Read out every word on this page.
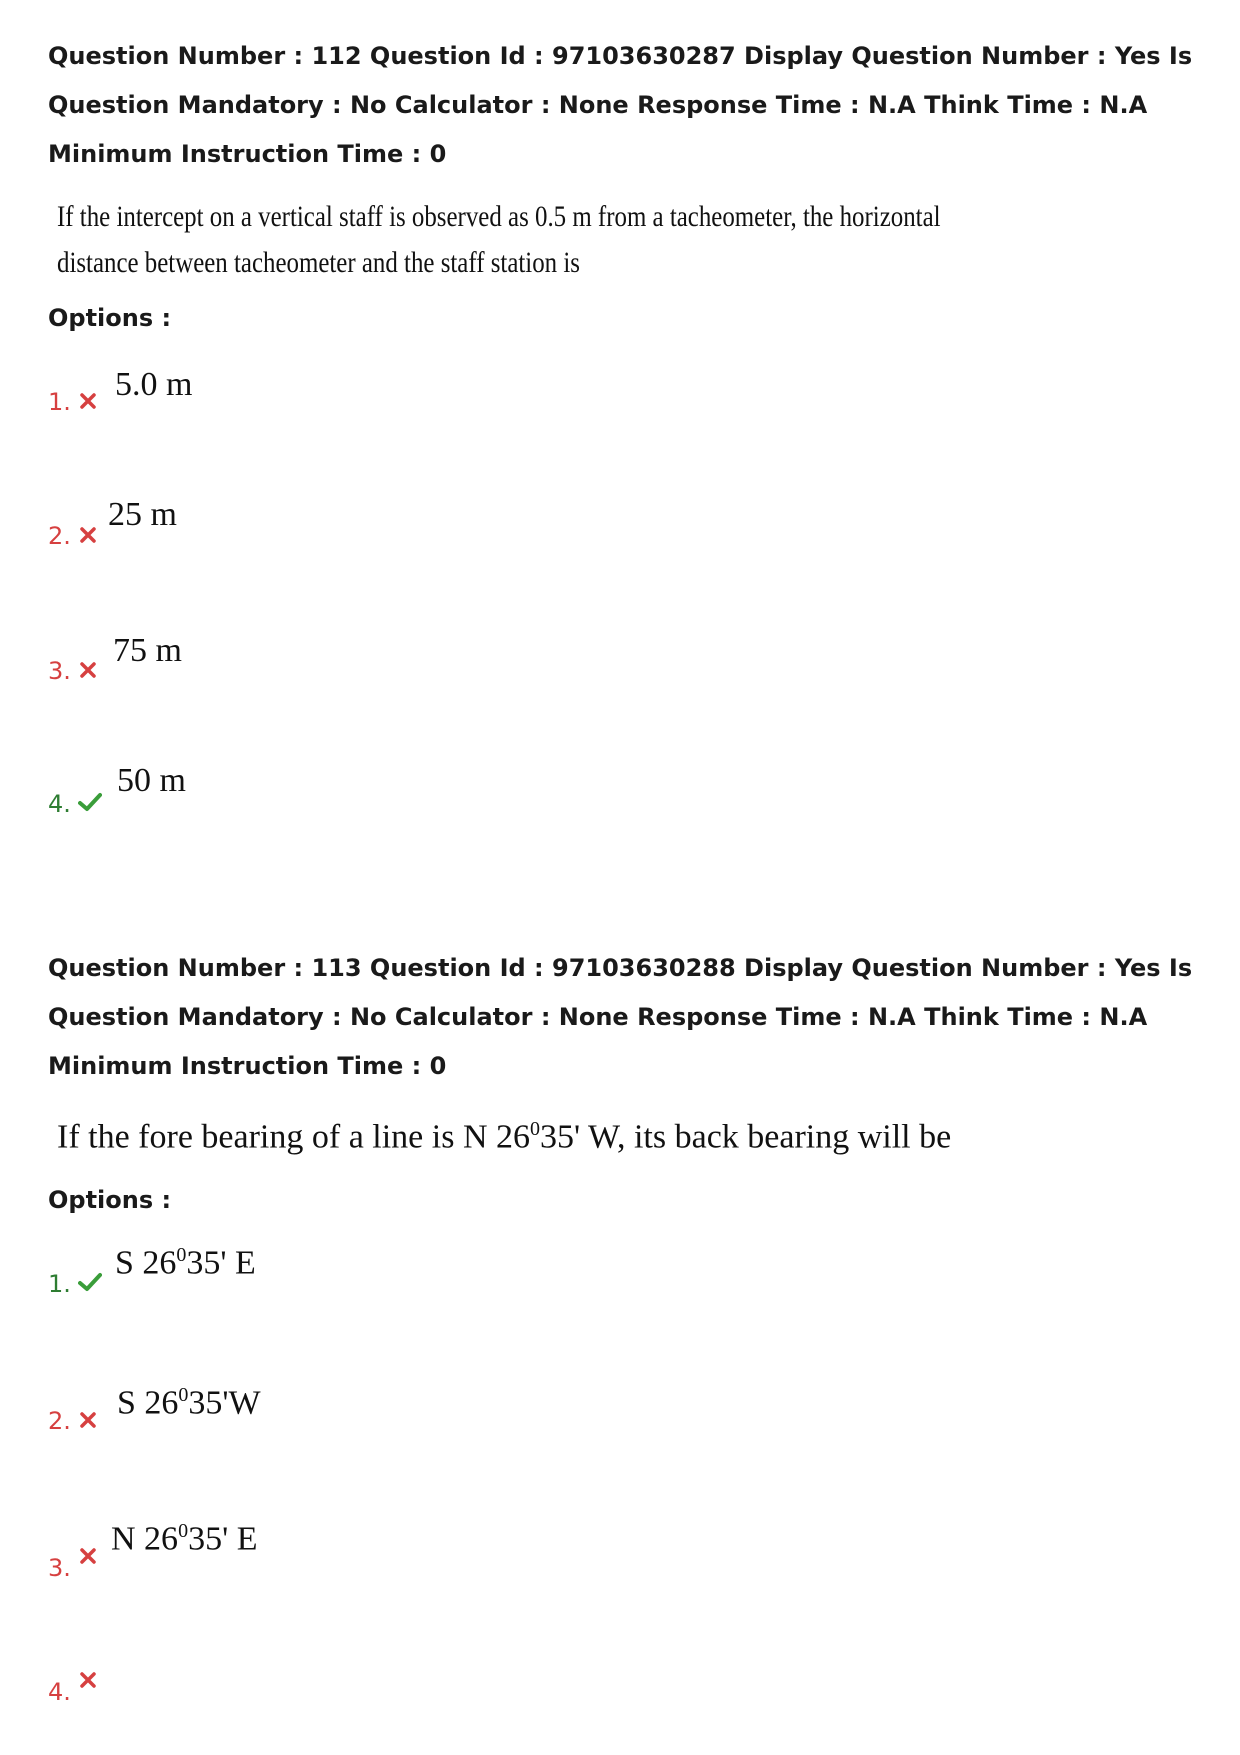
Question Number : 112 Question Id : 97103630287 Display Question Number : Yes Is Question Mandatory : No Calculator : None Response Time : N.A Think Time : N.A Minimum Instruction Time : 0
If the intercept on a vertical staff is observed as 0.5 m from a tacheometer, the horizontal
distance between tacheometer and the staff station is
Options :
1. 5.0 m
2.
25 m
3.
75 m
4.
50 m
Question Number : 113 Question Id : 97103630288 Display Question Number : Yes Is Question Mandatory : No Calculator : None Response Time : N.A Think Time : N.A Minimum Instruction Time : 0
If the fore bearing of a line is N $26^035'$ W, its back bearing will be
Options :
1.
S $26^035'$ E
2. S $26^035'W$
3.
N $26^035'$ E
4.
